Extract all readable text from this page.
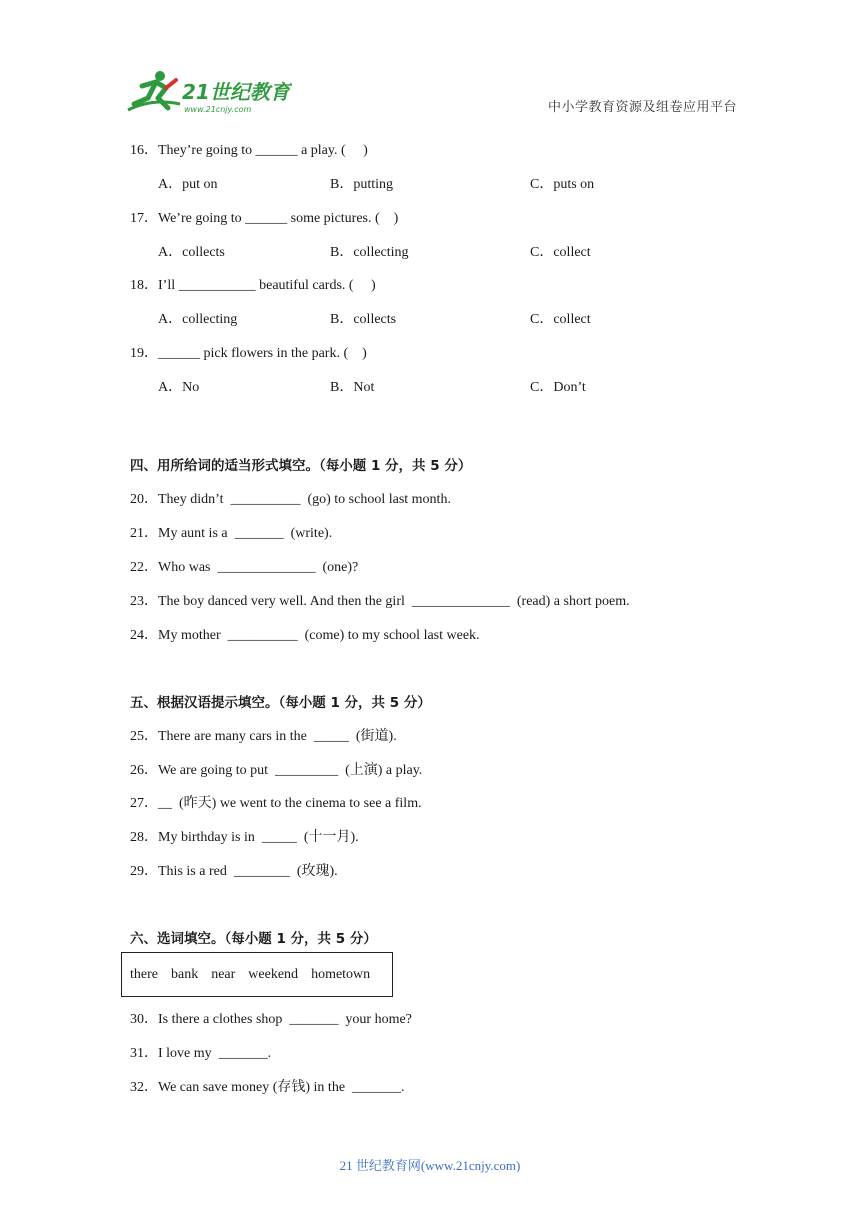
21世纪教育
www.21cnjy.com	中小学教育资源及组卷应用平台
16．They’re going to ______ a play. (     )
A．put on	B．putting	C．puts on
17．We’re going to ______ some pictures. (    )
A．collects	B．collecting	C．collect
18．I’ll ___________ beautiful cards. (     )
A．collecting	B．collects	C．collect
19．______ pick flowers in the park. (    )
A．No	B．Not	C．Don’t
四、用所给词的适当形式填空。（每小题 1 分，共 5 分）
20．They didn’t  __________  (go) to school last month.
21．My aunt is a  _______  (write).
22．Who was  ______________  (one)?
23．The boy danced very well. And then the girl  ______________  (read) a short poem.
24．My mother  __________  (come) to my school last week.
五、根据汉语提示填空。（每小题 1 分，共 5 分）
25．There are many cars in the  _____  (街道).
26．We are going to put  _________  (上演) a play.
27．__  (昨天) we went to the cinema to see a film.
28．My birthday is in  _____  (十一月).
29．This is a red  ________  (玫瑰).
六、选词填空。（每小题 1 分，共 5 分）
there bank near weekend hometown
30．Is there a clothes shop  _______  your home?
31．I love my  _______.
32．We can save money (存钱) in the  _______.
21 世纪教育网(www.21cnjy.com)
